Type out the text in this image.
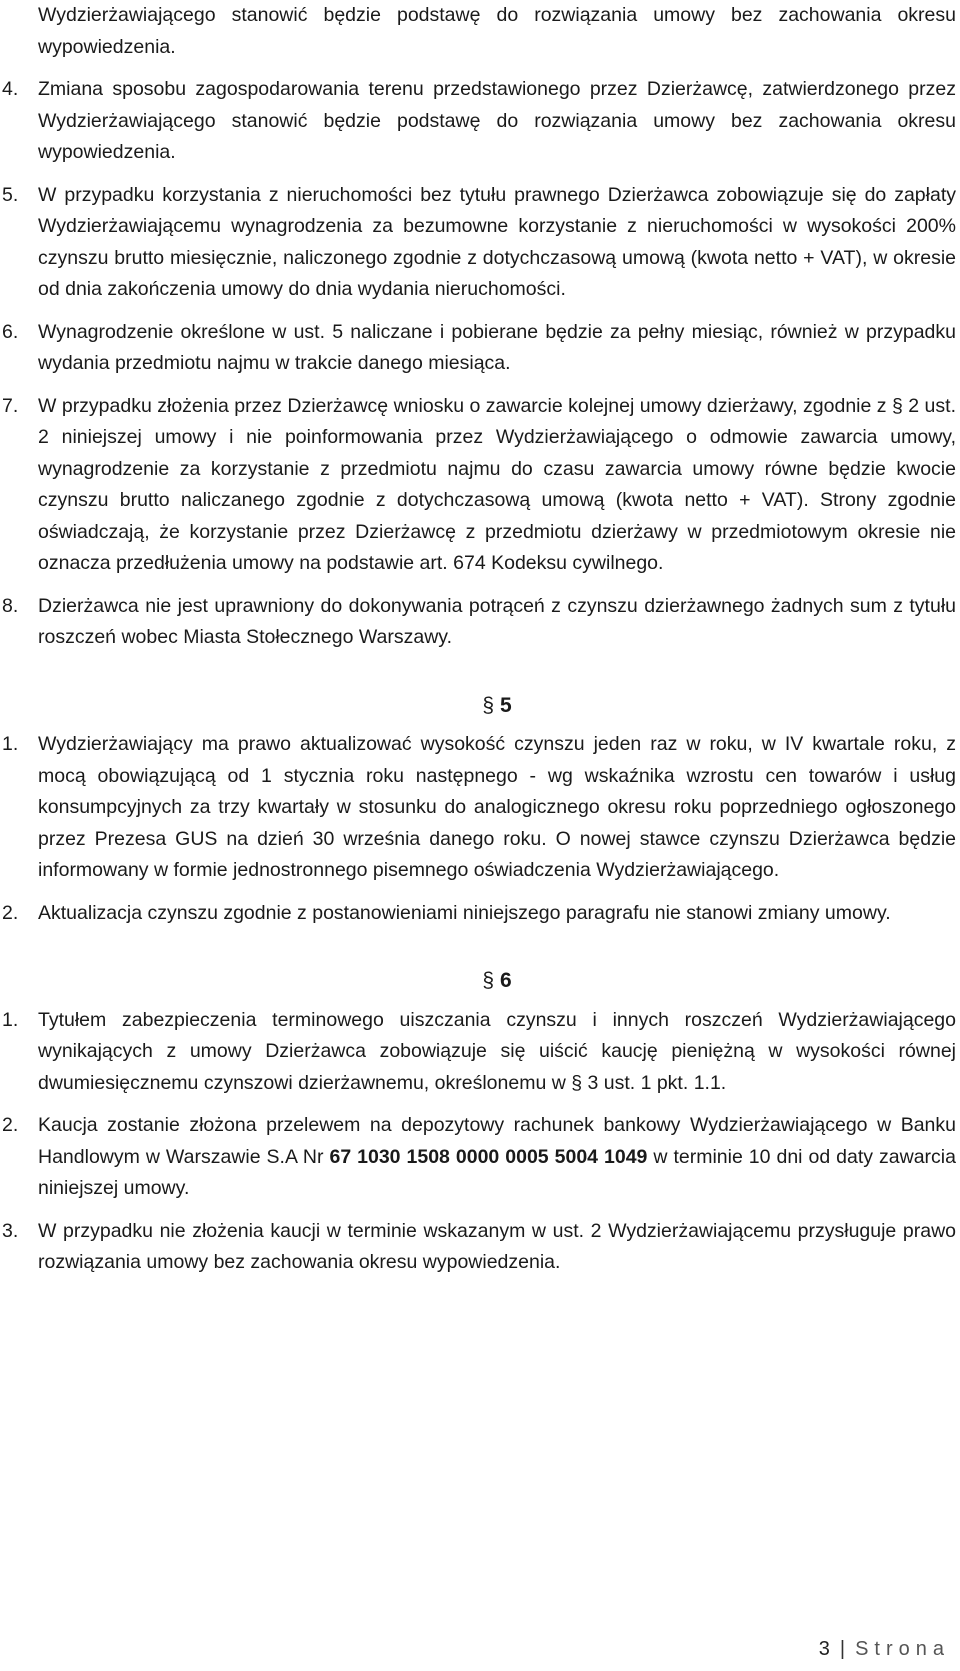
Wydzierżawiającego stanowić będzie podstawę do rozwiązania umowy bez zachowania okresu wypowiedzenia.

4.	Zmiana sposobu zagospodarowania terenu przedstawionego przez Dzierżawcę, zatwierdzonego przez Wydzierżawiającego stanowić będzie podstawę do rozwiązania umowy bez zachowania okresu wypowiedzenia.
5.	W przypadku korzystania z nieruchomości bez tytułu prawnego Dzierżawca zobowiązuje się do zapłaty Wydzierżawiającemu wynagrodzenia za bezumowne korzystanie z nieruchomości w wysokości 200% czynszu brutto miesięcznie, naliczonego zgodnie z dotychczasową umową (kwota netto + VAT), w okresie od dnia zakończenia umowy do dnia wydania nieruchomości.
6.	Wynagrodzenie określone w ust. 5 naliczane i pobierane będzie za pełny miesiąc, również w przypadku wydania przedmiotu najmu w trakcie danego miesiąca.
7.	W przypadku złożenia przez Dzierżawcę wniosku o zawarcie kolejnej umowy dzierżawy, zgodnie z § 2 ust. 2 niniejszej umowy i nie poinformowania przez Wydzierżawiającego o odmowie zawarcia umowy, wynagrodzenie za korzystanie z przedmiotu najmu do czasu zawarcia umowy równe będzie kwocie czynszu brutto naliczanego zgodnie z dotychczasową umową (kwota netto + VAT). Strony zgodnie oświadczają, że korzystanie przez Dzierżawcę z przedmiotu dzierżawy w przedmiotowym okresie nie oznacza przedłużenia umowy na podstawie art. 674 Kodeksu cywilnego.
8.	Dzierżawca nie jest uprawniony do dokonywania potrąceń z czynszu dzierżawnego żadnych sum z tytułu roszczeń wobec Miasta Stołecznego Warszawy.

§ 5

1.	Wydzierżawiający ma prawo aktualizować wysokość czynszu jeden raz w roku, w IV kwartale roku, z mocą obowiązującą od 1 stycznia roku następnego - wg wskaźnika wzrostu cen towarów i usług konsumpcyjnych za trzy kwartały w stosunku do analogicznego okresu roku poprzedniego ogłoszonego przez Prezesa GUS na dzień 30 września danego roku. O nowej stawce czynszu Dzierżawca będzie informowany w formie jednostronnego pisemnego oświadczenia Wydzierżawiającego.
2.	Aktualizacja czynszu zgodnie z postanowieniami niniejszego paragrafu nie stanowi zmiany umowy.

§ 6

1.	Tytułem zabezpieczenia terminowego uiszczania czynszu i innych roszczeń Wydzierżawiającego wynikających z umowy Dzierżawca zobowiązuje się uiścić kaucję pieniężną w wysokości równej dwumiesięcznemu czynszowi dzierżawnemu, określonemu w § 3 ust. 1 pkt. 1.1.
2.	Kaucja zostanie złożona przelewem na depozytowy rachunek bankowy Wydzierżawiającego w Banku Handlowym w Warszawie S.A Nr 67 1030 1508 0000 0005 5004 1049 w terminie 10 dni od daty zawarcia niniejszej umowy.
3.	W przypadku nie złożenia kaucji w terminie wskazanym w ust. 2 Wydzierżawiającemu przysługuje prawo rozwiązania umowy bez zachowania okresu wypowiedzenia.
3 | Strona
